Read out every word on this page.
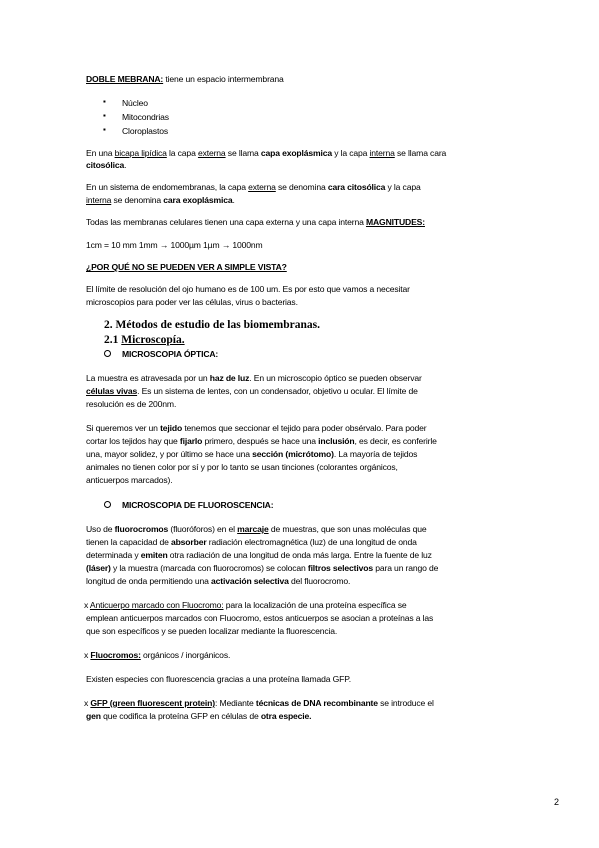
DOBLE MEBRANA: tiene un espacio intermembrana
▪ Núcleo
▪ Mitocondrias
▪ Cloroplastos
En una bicapa lipídica la capa externa se llama capa exoplásmica y la capa interna se llama cara
citosólica.
En un sistema de endomembranas, la capa externa se denomina cara citosólica y la capa
interna se denomina cara exoplásmica.
Todas las membranas celulares tienen una capa externa y una capa interna MAGNITUDES:
1cm = 10 mm 1mm → 1000µm 1µm → 1000nm
¿POR QUÉ NO SE PUEDEN VER A SIMPLE VISTA?
El límite de resolución del ojo humano es de 100 um. Es por esto que vamos a necesitar
microscopios para poder ver las células, virus o bacterias.
2. Métodos de estudio de las biomembranas.
2.1 Microscopía.
MICROSCOPIA ÓPTICA:
La muestra es atravesada por un haz de luz. En un microscopio óptico se pueden observar
células vivas. Es un sistema de lentes, con un condensador, objetivo u ocular. El límite de
resolución es de 200nm.
Si queremos ver un tejido tenemos que seccionar el tejido para poder obsérvalo. Para poder
cortar los tejidos hay que fijarlo primero, después se hace una inclusión, es decir, es conferirle
una, mayor solidez, y por último se hace una sección (micrótomo). La mayoría de tejidos
animales no tienen color por sí y por lo tanto se usan tinciones (colorantes orgánicos,
anticuerpos marcados).
MICROSCOPIA DE FLUOROSCENCIA:
Uso de fluorocromos (fluoróforos) en el marcaje de muestras, que son unas moléculas que
tienen la capacidad de absorber radiación electromagnética (luz) de una longitud de onda
determinada y emiten otra radiación de una longitud de onda más larga. Entre la fuente de luz
(láser) y la muestra (marcada con fluorocromos) se colocan filtros selectivos para un rango de
longitud de onda permitiendo una activación selectiva del fluorocromo.
x Anticuerpo marcado con Fluocromo: para la localización de una proteína específica se
emplean anticuerpos marcados con Fluocromo, estos anticuerpos se asocian a proteínas a las
que son específicos y se pueden localizar mediante la fluorescencia.
x Fluocromos: orgánicos / inorgánicos.
Existen especies con fluorescencia gracias a una proteína llamada GFP.
x GFP (green fluorescent protein): Mediante técnicas de DNA recombinante se introduce el
gen que codifica la proteína GFP en células de otra especie.
2
